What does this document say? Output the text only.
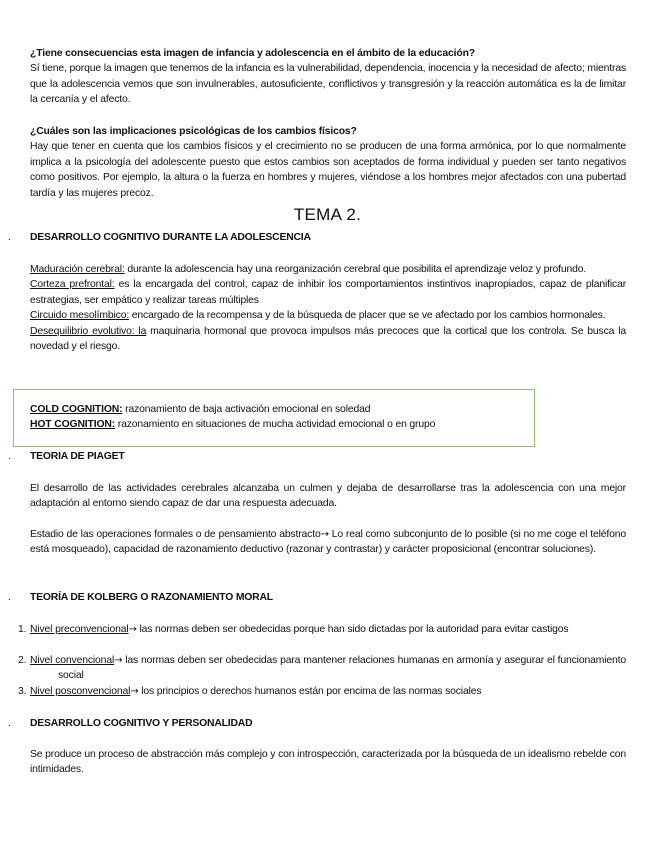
¿Tiene consecuencias esta imagen de infancia y adolescencia en el ámbito de la educación?
Sí tiene, porque la imagen que tenemos de la infancia es la vulnerabilidad, dependencia, inocencia y la necesidad de afecto; mientras que la adolescencia vemos que son invulnerables, autosuficiente, conflictivos y transgresión y la reacción automática es la de limitar la cercanía y el afecto.
¿Cuáles son las implicaciones psicológicas de los cambios físicos?
Hay que tener en cuenta que los cambios físicos y el crecimiento no se producen de una forma armónica, por lo que normalmente implica a la psicología del adolescente puesto que estos cambios son aceptados de forma individual y pueden ser tanto negativos como positivos. Por ejemplo, la altura o la fuerza en hombres y mujeres, viéndose a los hombres mejor afectados con una pubertad tardía y las mujeres precoz.
TEMA 2.
. DESARROLLO COGNITIVO DURANTE LA ADOLESCENCIA
Maduración cerebral: durante la adolescencia hay una reorganización cerebral que posibilita el aprendizaje veloz y profundo.
Corteza prefrontal: es la encargada del control, capaz de inhibir los comportamientos instintivos inapropiados, capaz de planificar estrategias, ser empático y realizar tareas múltiples
Circuido mesolímbico: encargado de la recompensa y de la búsqueda de placer que se ve afectado por los cambios hormonales.
Desequilibrio evolutivo: la maquinaria hormonal que provoca impulsos más precoces que la cortical que los controla. Se busca la novedad y el riesgo.
COLD COGNITION: razonamiento de baja activación emocional en soledad
HOT COGNITION: razonamiento en situaciones de mucha actividad emocional o en grupo
. TEORIA DE PIAGET
El desarrollo de las actividades cerebrales alcanzaba un culmen y dejaba de desarrollarse tras la adolescencia con una mejor adaptación al entorno siendo capaz de dar una respuesta adecuada.
Estadio de las operaciones formales o de pensamiento abstracto→ Lo real como subconjunto de lo posible (si no me coge el teléfono está mosqueado), capacidad de razonamiento deductivo (razonar y contrastar) y carácter proposicional (encontrar soluciones).
. TEORÍA DE KOLBERG O RAZONAMIENTO MORAL
1. Nivel preconvencional→ las normas deben ser obedecidas porque han sido dictadas por la autoridad para evitar castigos
2. Nivel convencional→ las normas deben ser obedecidas para mantener relaciones humanas en armonía y asegurar el funcionamiento social
3. Nivel posconvencional→ los principios o derechos humanos están por encima de las normas sociales
. DESARROLLO COGNITIVO Y PERSONALIDAD
Se produce un proceso de abstracción más complejo y con introspección, caracterizada por la búsqueda de un idealismo rebelde con intimidades.
